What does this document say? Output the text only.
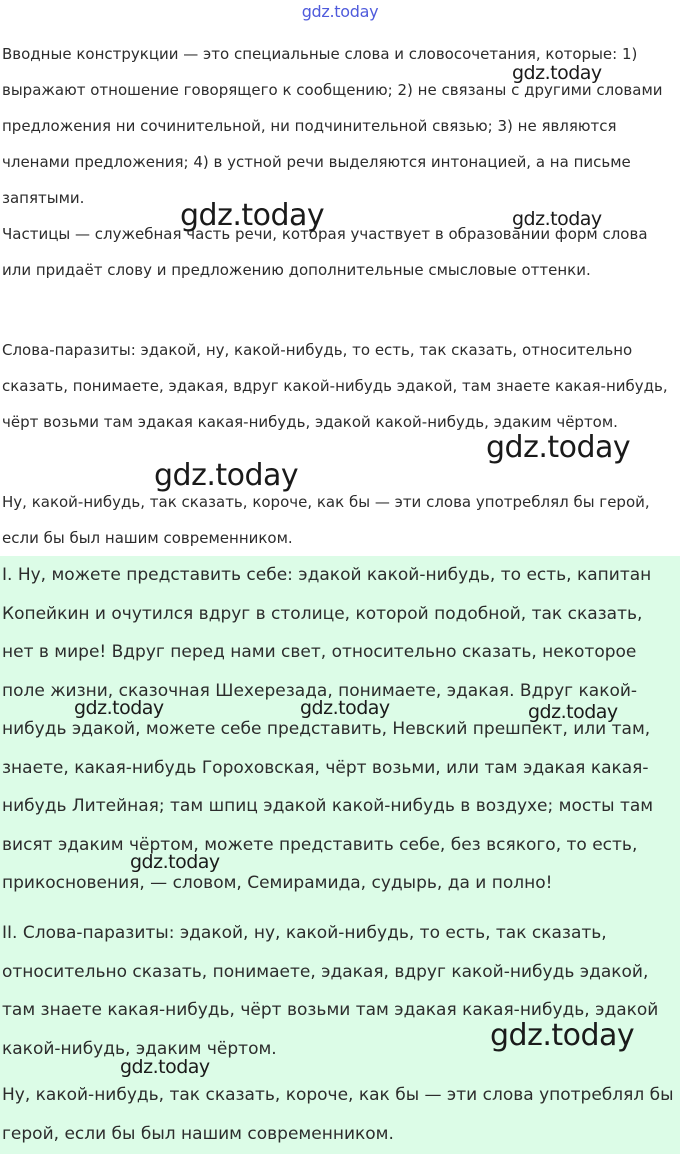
gdz.today

Вводные конструкции — это специальные слова и словосочетания, которые: 1) выражают отношение говорящего к сообщению; 2) не связаны с другими словами предложения ни сочинительной, ни подчинительной связью; 3) не являются членами предложения; 4) в устной речи выделяются интонацией, а на письме запятыми.

Частицы — служебная часть речи, которая участвует в образовании форм слова или придаёт слову и предложению дополнительные смысловые оттенки.

Слова-паразиты: эдакой, ну, какой-нибудь, то есть, так сказать, относительно сказать, понимаете, эдакая, вдруг какой-нибудь эдакой, там знаете какая-нибудь, чёрт возьми там эдакая какая-нибудь, эдакой какой-нибудь, эдаким чёртом.

Ну, какой-нибудь, так сказать, короче, как бы — эти слова употреблял бы герой, если бы был нашим современником.

I. Ну, можете представить себе: эдакой какой-нибудь, то есть, капитан Копейкин и очутился вдруг в столице, которой подобной, так сказать, нет в мире! Вдруг перед нами свет, относительно сказать, некоторое поле жизни, сказочная Шехерезада, понимаете, эдакая. Вдруг какой-нибудь эдакой, можете себе представить, Невский прешпект, или там, знаете, какая-нибудь Гороховская, чёрт возьми, или там эдакая какая-нибудь Литейная; там шпиц эдакой какой-нибудь в воздухе; мосты там висят эдаким чёртом, можете представить себе, без всякого, то есть, прикосновения, — словом, Семирамида, судырь, да и полно!

II. Слова-паразиты: эдакой, ну, какой-нибудь, то есть, так сказать, относительно сказать, понимаете, эдакая, вдруг какой-нибудь эдакой, там знаете какая-нибудь, чёрт возьми там эдакая какая-нибудь, эдакой какой-нибудь, эдаким чёртом.

Ну, какой-нибудь, так сказать, короче, как бы — эти слова употреблял бы герой, если бы был нашим современником.

gdz.today
gdz.today	gdz.today
gdz.today
gdz.today
gdz.today	gdz.today	gdz.today
gdz.today
gdz.today
gdz.today
